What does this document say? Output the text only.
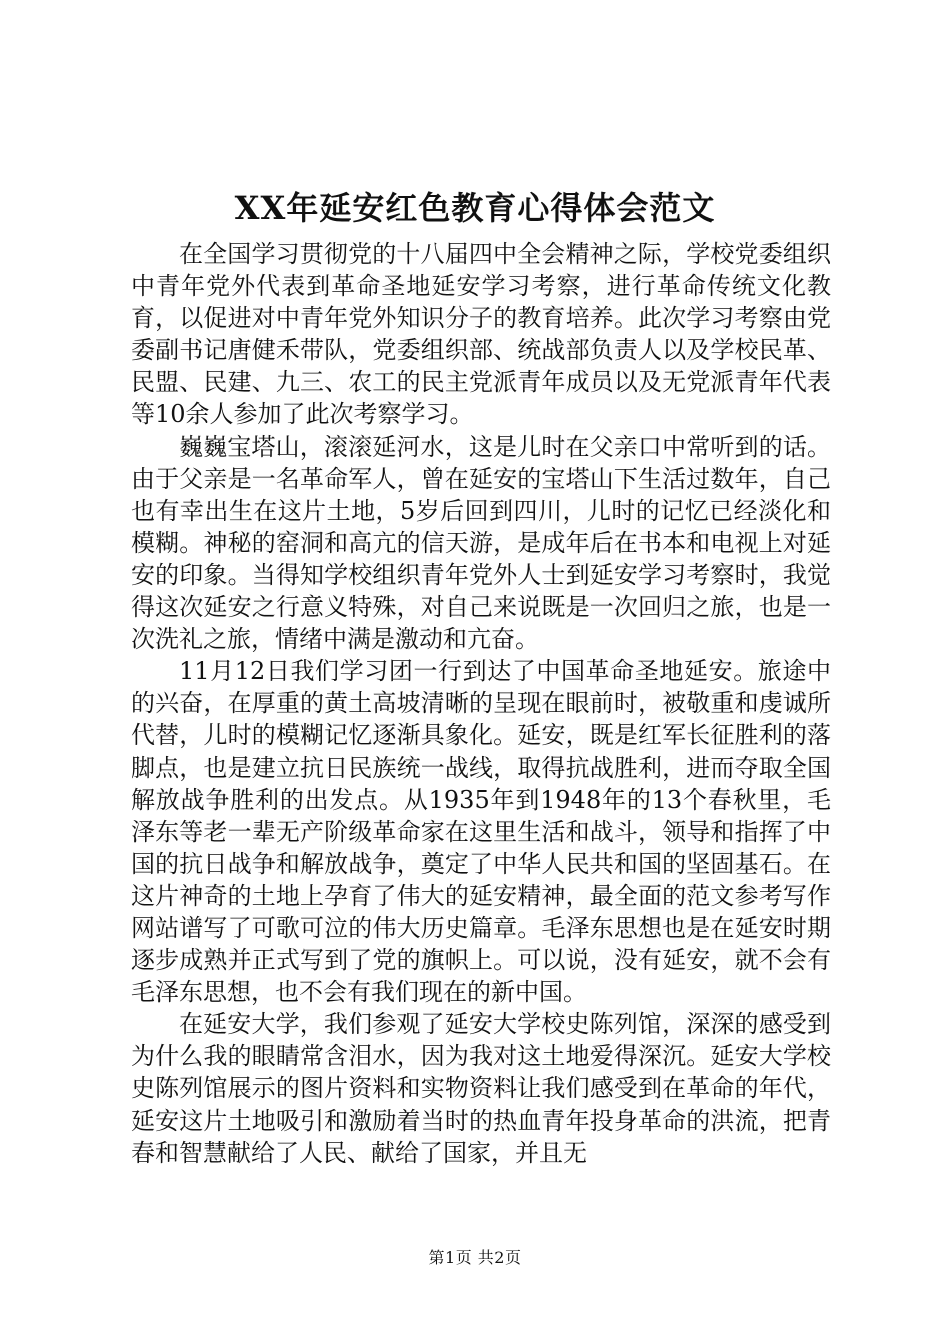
XX年延安红色教育心得体会范文

在全国学习贯彻党的十八届四中全会精神之际，学校党委组织中青年党外代表到革命圣地延安学习考察，进行革命传统文化教育，以促进对中青年党外知识分子的教育培养。此次学习考察由党委副书记唐健禾带队，党委组织部、统战部负责人以及学校民革、民盟、民建、九三、农工的民主党派青年成员以及无党派青年代表等10余人参加了此次考察学习。

巍巍宝塔山，滚滚延河水，这是儿时在父亲口中常听到的话。由于父亲是一名革命军人，曾在延安的宝塔山下生活过数年，自己也有幸出生在这片土地，5岁后回到四川，儿时的记忆已经淡化和模糊。神秘的窑洞和高亢的信天游，是成年后在书本和电视上对延安的印象。当得知学校组织青年党外人士到延安学习考察时，我觉得这次延安之行意义特殊，对自己来说既是一次回归之旅，也是一次洗礼之旅，情绪中满是激动和亢奋。

11月12日我们学习团一行到达了中国革命圣地延安。旅途中的兴奋，在厚重的黄土高坡清晰的呈现在眼前时，被敬重和虔诚所代替，儿时的模糊记忆逐渐具象化。延安，既是红军长征胜利的落脚点，也是建立抗日民族统一战线，取得抗战胜利，进而夺取全国解放战争胜利的出发点。从1935年到1948年的13个春秋里，毛泽东等老一辈无产阶级革命家在这里生活和战斗，领导和指挥了中国的抗日战争和解放战争，奠定了中华人民共和国的坚固基石。在这片神奇的土地上孕育了伟大的延安精神，最全面的范文参考写作网站谱写了可歌可泣的伟大历史篇章。毛泽东思想也是在延安时期逐步成熟并正式写到了党的旗帜上。可以说，没有延安，就不会有毛泽东思想，也不会有我们现在的新中国。

在延安大学，我们参观了延安大学校史陈列馆，深深的感受到为什么我的眼睛常含泪水，因为我对这土地爱得深沉。延安大学校史陈列馆展示的图片资料和实物资料让我们感受到在革命的年代，延安这片土地吸引和激励着当时的热血青年投身革命的洪流，把青春和智慧献给了人民、献给了国家，并且无

第1页 共2页
